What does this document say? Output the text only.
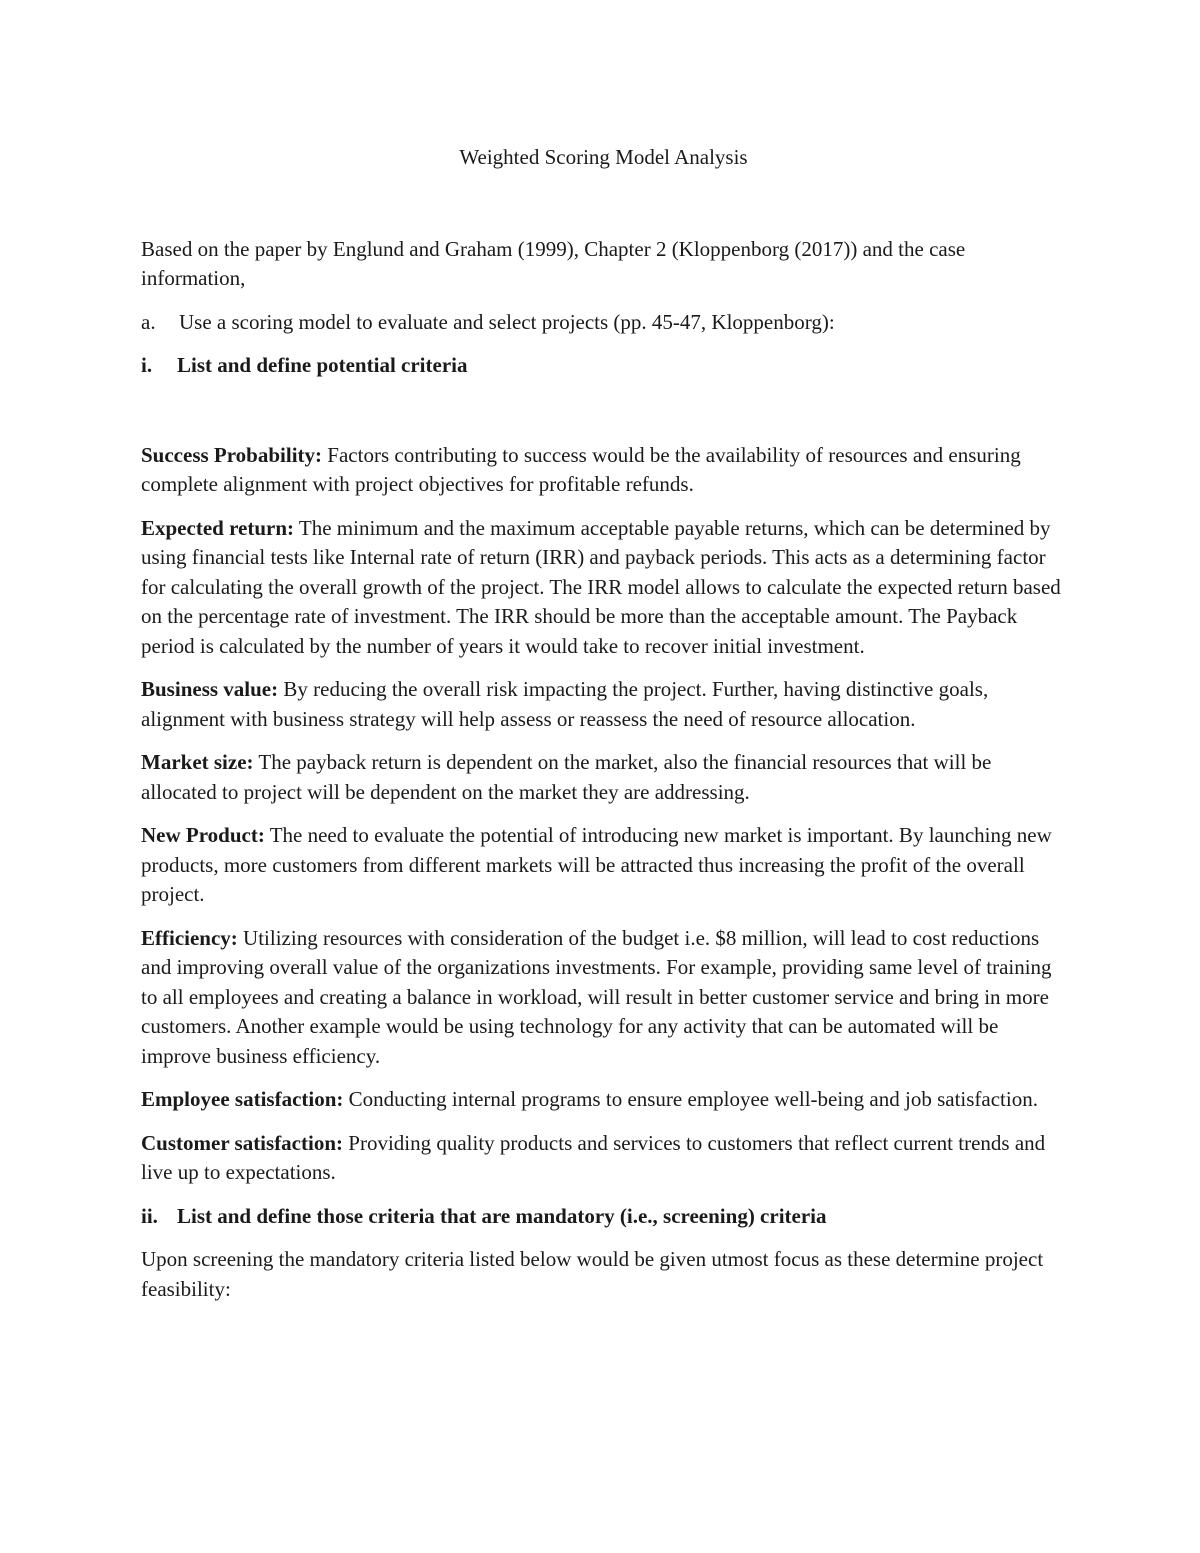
Weighted Scoring Model Analysis

Based on the paper by Englund and Graham (1999), Chapter 2 (Kloppenborg (2017)) and the case information,

a. Use a scoring model to evaluate and select projects (pp. 45-47, Kloppenborg):
i. List and define potential criteria

Success Probability: Factors contributing to success would be the availability of resources and ensuring complete alignment with project objectives for profitable refunds.

Expected return: The minimum and the maximum acceptable payable returns, which can be determined by using financial tests like Internal rate of return (IRR) and payback periods. This acts as a determining factor for calculating the overall growth of the project. The IRR model allows to calculate the expected return based on the percentage rate of investment. The IRR should be more than the acceptable amount. The Payback period is calculated by the number of years it would take to recover initial investment.

Business value: By reducing the overall risk impacting the project. Further, having distinctive goals, alignment with business strategy will help assess or reassess the need of resource allocation.

Market size: The payback return is dependent on the market, also the financial resources that will be allocated to project will be dependent on the market they are addressing.

New Product: The need to evaluate the potential of introducing new market is important. By launching new products, more customers from different markets will be attracted thus increasing the profit of the overall project.

Efficiency: Utilizing resources with consideration of the budget i.e. $8 million, will lead to cost reductions and improving overall value of the organizations investments. For example, providing same level of training to all employees and creating a balance in workload, will result in better customer service and bring in more customers. Another example would be using technology for any activity that can be automated will be improve business efficiency.

Employee satisfaction: Conducting internal programs to ensure employee well-being and job satisfaction.

Customer satisfaction: Providing quality products and services to customers that reflect current trends and live up to expectations.

ii. List and define those criteria that are mandatory (i.e., screening) criteria

Upon screening the mandatory criteria listed below would be given utmost focus as these determine project feasibility:
